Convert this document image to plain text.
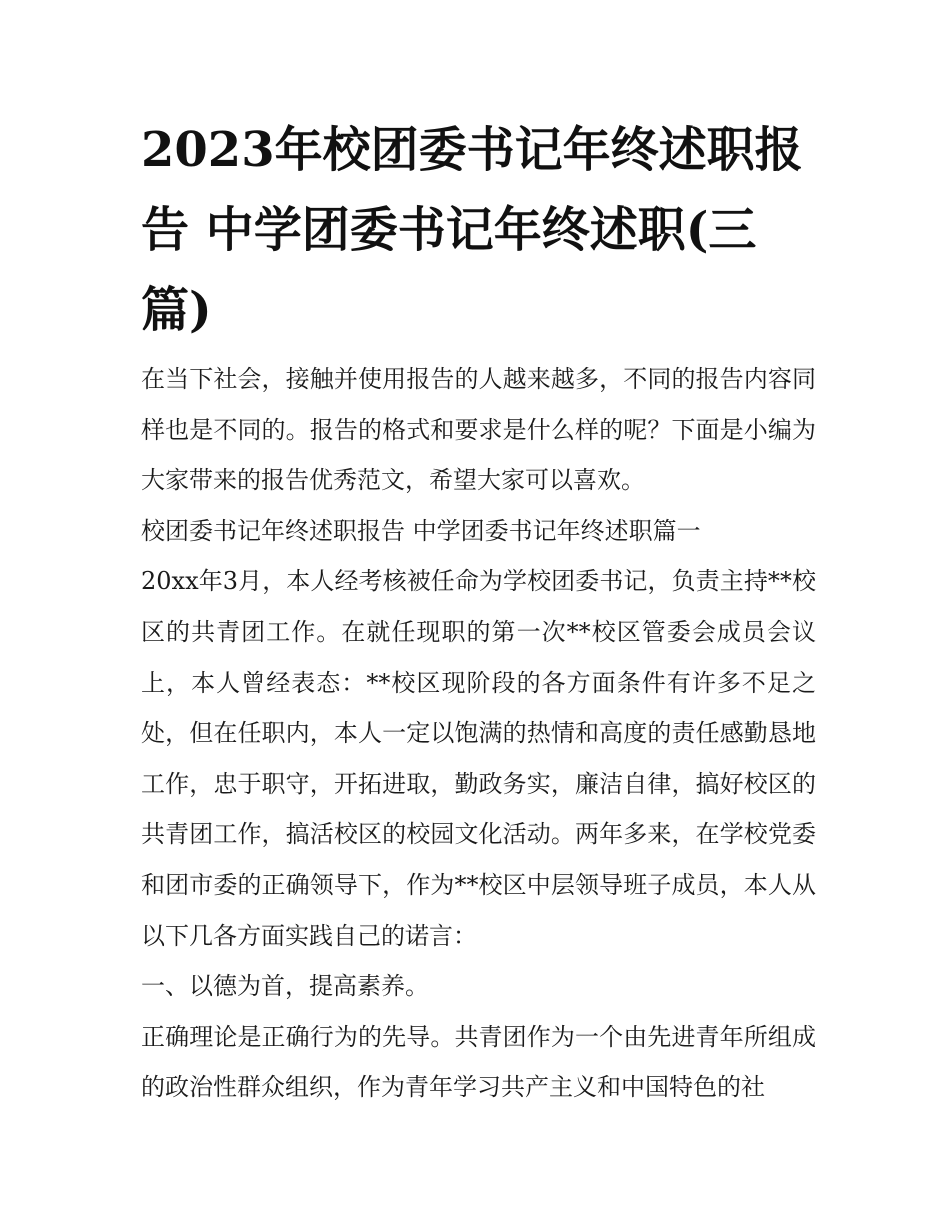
2023年校团委书记年终述职报告 中学团委书记年终述职(三篇)

在当下社会，接触并使用报告的人越来越多，不同的报告内容同样也是不同的。报告的格式和要求是什么样的呢？下面是小编为大家带来的报告优秀范文，希望大家可以喜欢。

校团委书记年终述职报告 中学团委书记年终述职篇一

20xx年3月，本人经考核被任命为学校团委书记，负责主持**校区的共青团工作。在就任现职的第一次**校区管委会成员会议上，本人曾经表态：**校区现阶段的各方面条件有许多不足之处，但在任职内，本人一定以饱满的热情和高度的责任感勤恳地工作，忠于职守，开拓进取，勤政务实，廉洁自律，搞好校区的共青团工作，搞活校区的校园文化活动。两年多来，在学校党委和团市委的正确领导下，作为**校区中层领导班子成员，本人从以下几各方面实践自己的诺言：

一、以德为首，提高素养。

正确理论是正确行为的先导。共青团作为一个由先进青年所组成的政治性群众组织，作为青年学习共产主义和中国特色的社
